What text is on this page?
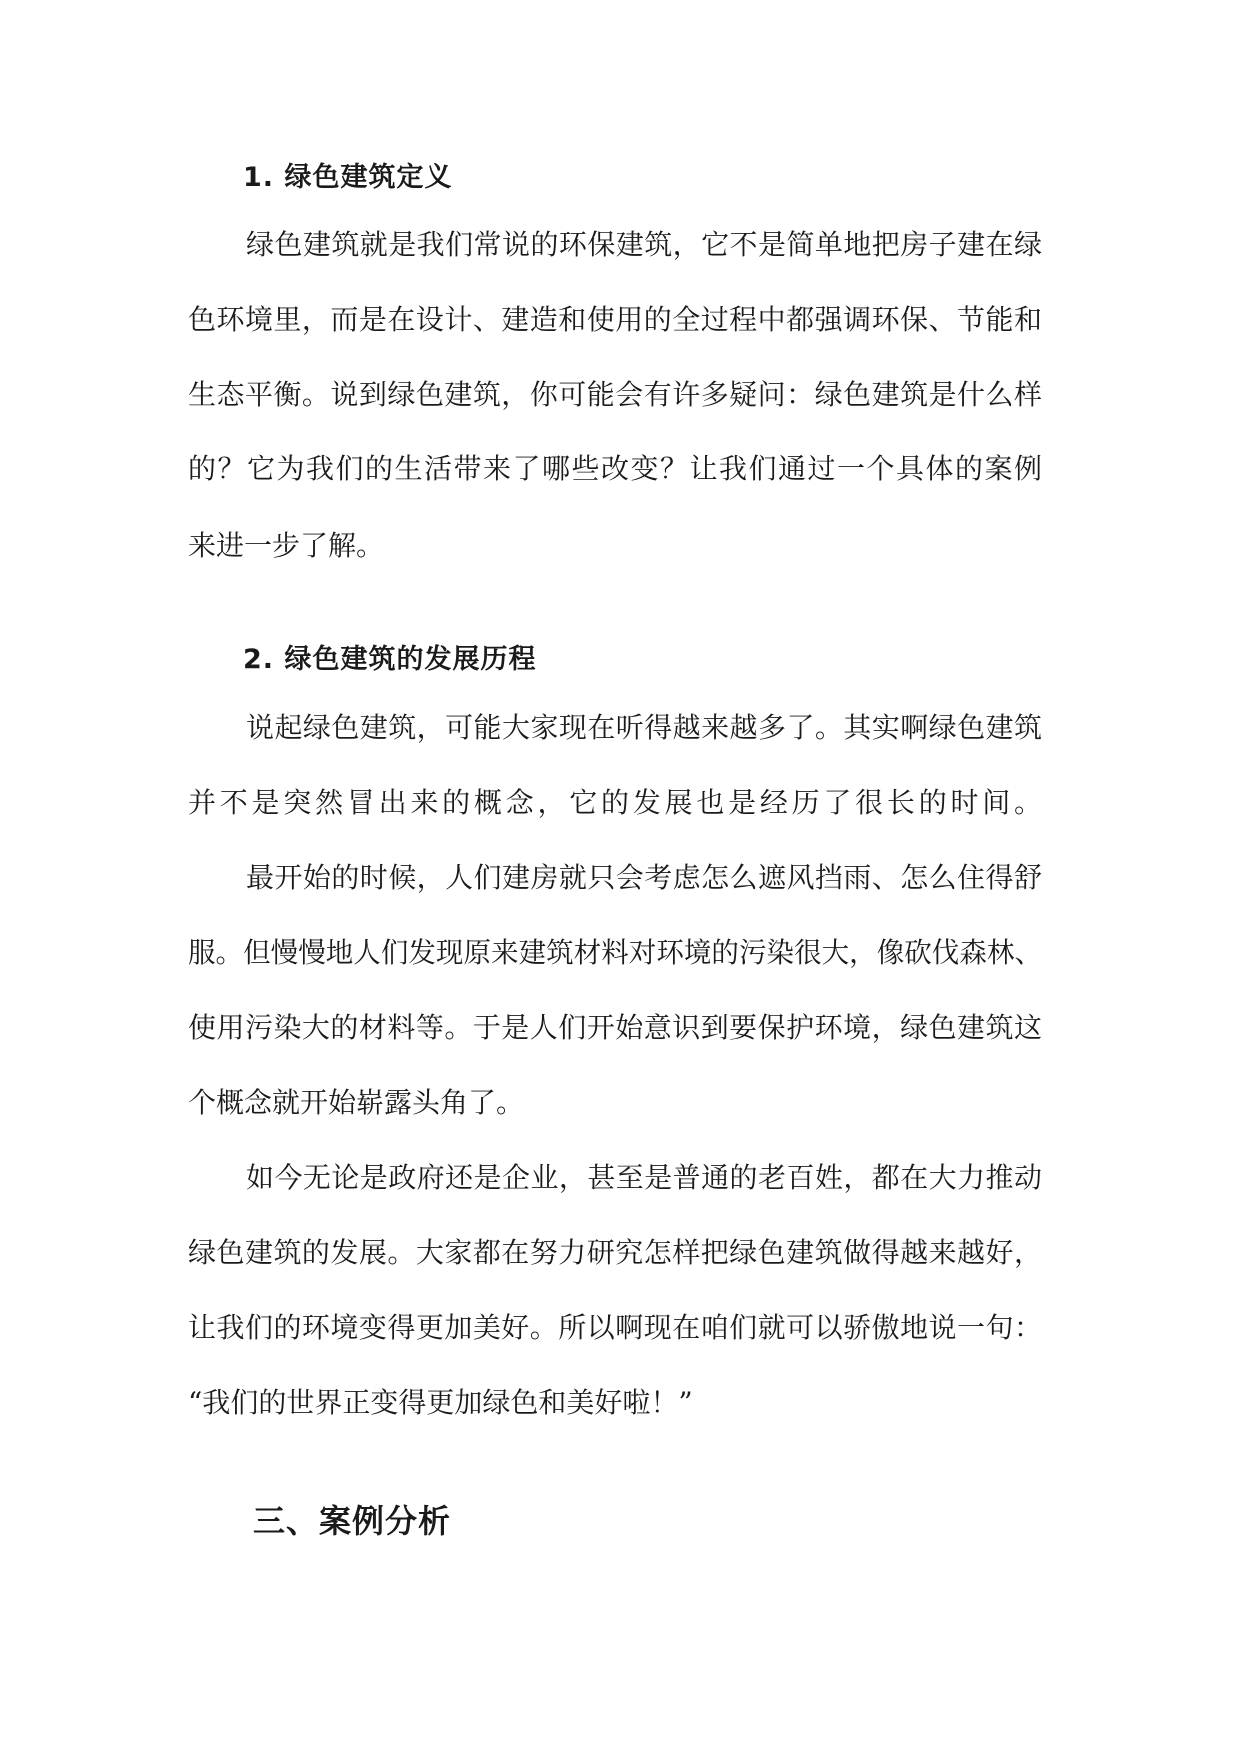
1. 绿色建筑定义
绿色建筑就是我们常说的环保建筑，它不是简单地把房子建在绿
色环境里，而是在设计、建造和使用的全过程中都强调环保、节能和
生态平衡。说到绿色建筑，你可能会有许多疑问：绿色建筑是什么样
的？它为我们的生活带来了哪些改变？让我们通过一个具体的案例
来进一步了解。
2. 绿色建筑的发展历程
说起绿色建筑，可能大家现在听得越来越多了。其实啊绿色建筑
并不是突然冒出来的概念，它的发展也是经历了很长的时间。
最开始的时候，人们建房就只会考虑怎么遮风挡雨、怎么住得舒
服。但慢慢地人们发现原来建筑材料对环境的污染很大，像砍伐森林、
使用污染大的材料等。于是人们开始意识到要保护环境，绿色建筑这
个概念就开始崭露头角了。
如今无论是政府还是企业，甚至是普通的老百姓，都在大力推动
绿色建筑的发展。大家都在努力研究怎样把绿色建筑做得越来越好，
让我们的环境变得更加美好。所以啊现在咱们就可以骄傲地说一句：
“我们的世界正变得更加绿色和美好啦！”
三、案例分析
